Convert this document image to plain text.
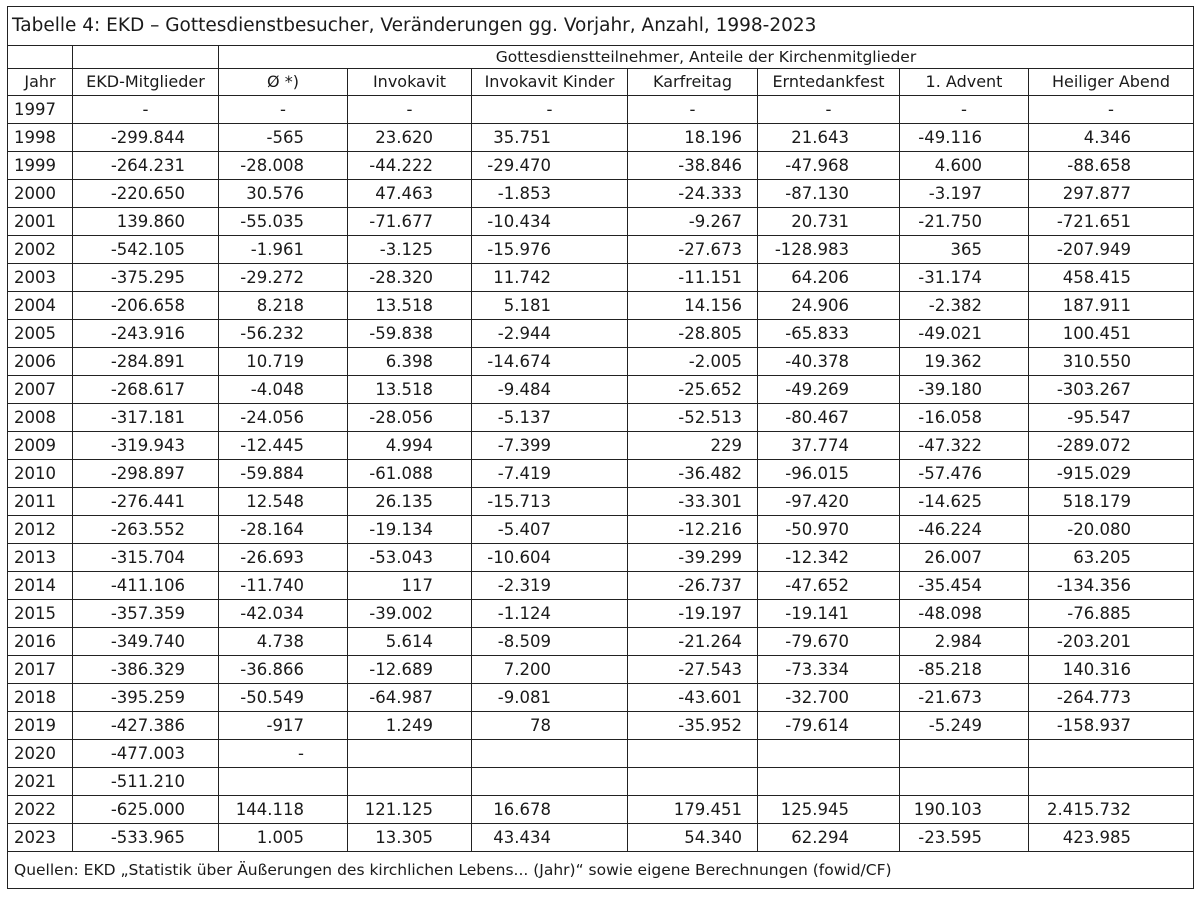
Tabelle 4: EKD – Gottesdienstbesucher, Veränderungen gg. Vorjahr, Anzahl, 1998-2023								
		Gottesdienstteilnehmer, Anteile der Kirchenmitglieder						
Jahr	EKD-Mitglieder	Ø *)	Invokavit	Invokavit Kinder	Karfreitag	Erntedankfest	1. Advent	Heiliger Abend
1997	-	-	-	-	-	-	-	-
1998	-299.844	-565	23.620	35.751	18.196	21.643	-49.116	4.346
1999	-264.231	-28.008	-44.222	-29.470	-38.846	-47.968	4.600	-88.658
2000	-220.650	30.576	47.463	-1.853	-24.333	-87.130	-3.197	297.877
2001	139.860	-55.035	-71.677	-10.434	-9.267	20.731	-21.750	-721.651
2002	-542.105	-1.961	-3.125	-15.976	-27.673	-128.983	365	-207.949
2003	-375.295	-29.272	-28.320	11.742	-11.151	64.206	-31.174	458.415
2004	-206.658	8.218	13.518	5.181	14.156	24.906	-2.382	187.911
2005	-243.916	-56.232	-59.838	-2.944	-28.805	-65.833	-49.021	100.451
2006	-284.891	10.719	6.398	-14.674	-2.005	-40.378	19.362	310.550
2007	-268.617	-4.048	13.518	-9.484	-25.652	-49.269	-39.180	-303.267
2008	-317.181	-24.056	-28.056	-5.137	-52.513	-80.467	-16.058	-95.547
2009	-319.943	-12.445	4.994	-7.399	229	37.774	-47.322	-289.072
2010	-298.897	-59.884	-61.088	-7.419	-36.482	-96.015	-57.476	-915.029
2011	-276.441	12.548	26.135	-15.713	-33.301	-97.420	-14.625	518.179
2012	-263.552	-28.164	-19.134	-5.407	-12.216	-50.970	-46.224	-20.080
2013	-315.704	-26.693	-53.043	-10.604	-39.299	-12.342	26.007	63.205
2014	-411.106	-11.740	117	-2.319	-26.737	-47.652	-35.454	-134.356
2015	-357.359	-42.034	-39.002	-1.124	-19.197	-19.141	-48.098	-76.885
2016	-349.740	4.738	5.614	-8.509	-21.264	-79.670	2.984	-203.201
2017	-386.329	-36.866	-12.689	7.200	-27.543	-73.334	-85.218	140.316
2018	-395.259	-50.549	-64.987	-9.081	-43.601	-32.700	-21.673	-264.773
2019	-427.386	-917	1.249	78	-35.952	-79.614	-5.249	-158.937
2020	-477.003	-						
2021	-511.210							
2022	-625.000	144.118	121.125	16.678	179.451	125.945	190.103	2.415.732
2023	-533.965	1.005	13.305	43.434	54.340	62.294	-23.595	423.985
Quellen: EKD „Statistik über Äußerungen des kirchlichen Lebens... (Jahr)“ sowie eigene Berechnungen (fowid/CF)								
